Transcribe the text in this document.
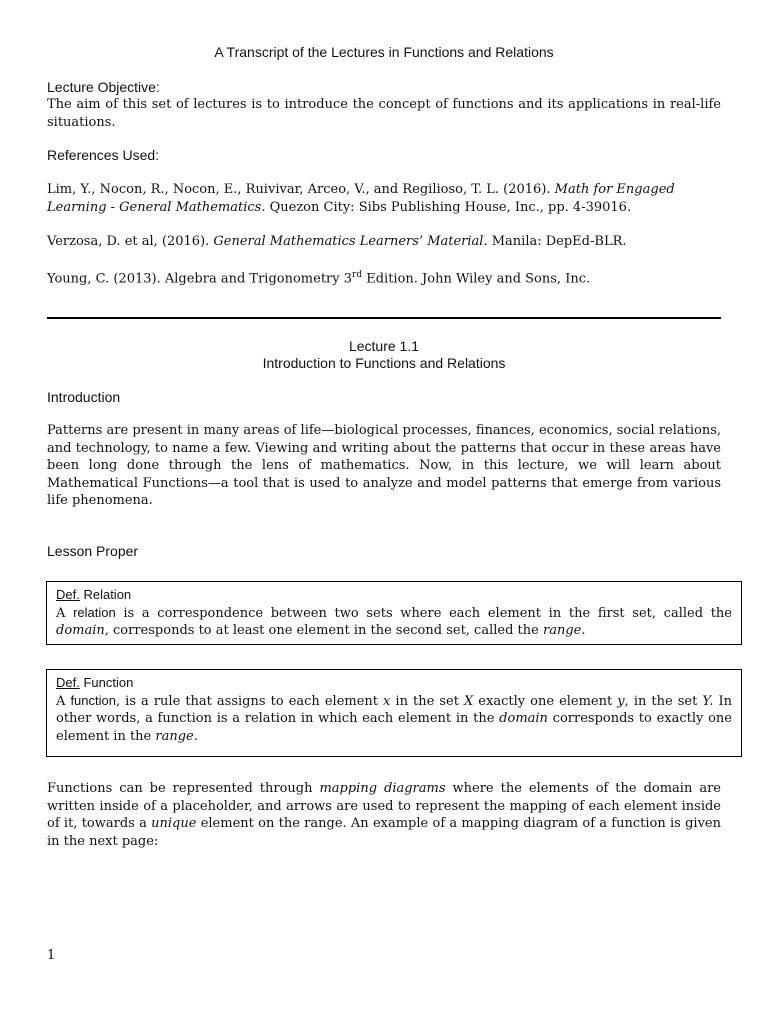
A Transcript of the Lectures in Functions and Relations
Lecture Objective:
The aim of this set of lectures is to introduce the concept of functions and its applications in real-life situations.
References Used:
Lim, Y., Nocon, R., Nocon, E., Ruivivar, Arceo, V., and Regilioso, T. L. (2016). Math for Engaged Learning - General Mathematics. Quezon City: Sibs Publishing House, Inc., pp. 4-39016.
Verzosa, D. et al, (2016). General Mathematics Learners’ Material. Manila: DepEd-BLR.
Young, C. (2013). Algebra and Trigonometry 3rd Edition. John Wiley and Sons, Inc.
Lecture 1.1
Introduction to Functions and Relations
Introduction
Patterns are present in many areas of life—biological processes, finances, economics, social relations, and technology, to name a few. Viewing and writing about the patterns that occur in these areas have been long done through the lens of mathematics. Now, in this lecture, we will learn about Mathematical Functions—a tool that is used to analyze and model patterns that emerge from various life phenomena.
Lesson Proper

Def. Relation

A relation is a correspondence between two sets where each element in the first set, called the domain, corresponds to at least one element in the second set, called the range.

Def. Function

A function, is a rule that assigns to each element x in the set X exactly one element y, in the set Y. In other words, a function is a relation in which each element in the domain corresponds to exactly one element in the range.

Functions can be represented through mapping diagrams where the elements of the domain are written inside of a placeholder, and arrows are used to represent the mapping of each element inside of it, towards a unique element on the range. An example of a mapping diagram of a function is given in the next page:
1
